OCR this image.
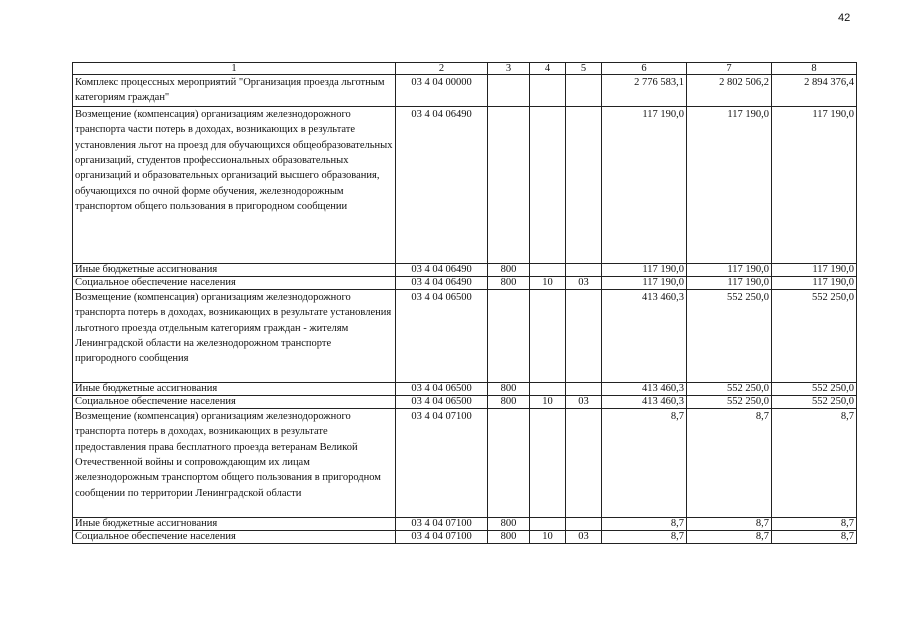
42
1	2	3	4	5	6	7	8
Комплекс процессных мероприятий "Организация проезда льготным категориям граждан"	03 4 04 00000				2 776 583,1	2 802 506,2	2 894 376,4
Возмещение (компенсация) организациям железнодорожного транспорта части потерь в доходах, возникающих в результате установления льгот на проезд для обучающихся общеобразовательных организаций, студентов профессиональных образовательных организаций и образовательных организаций высшего образования, обучающихся по очной форме обучения, железнодорожным транспортом общего пользования в пригородном сообщении	03 4 04 06490				117 190,0	117 190,0	117 190,0
Иные бюджетные ассигнования	03 4 04 06490	800			117 190,0	117 190,0	117 190,0
Социальное обеспечение населения	03 4 04 06490	800	10	03	117 190,0	117 190,0	117 190,0
Возмещение (компенсация) организациям железнодорожного транспорта потерь в доходах, возникающих в результате установления льготного проезда отдельным категориям граждан - жителям Ленинградской области на железнодорожном транспорте пригородного сообщения	03 4 04 06500				413 460,3	552 250,0	552 250,0
Иные бюджетные ассигнования	03 4 04 06500	800			413 460,3	552 250,0	552 250,0
Социальное обеспечение населения	03 4 04 06500	800	10	03	413 460,3	552 250,0	552 250,0
Возмещение (компенсация) организациям железнодорожного транспорта потерь в доходах, возникающих в результате предоставления права бесплатного проезда ветеранам Великой Отечественной войны и сопровождающим их лицам железнодорожным транспортом общего пользования в пригородном сообщении по территории Ленинградской области	03 4 04 07100				8,7	8,7	8,7
Иные бюджетные ассигнования	03 4 04 07100	800			8,7	8,7	8,7
Социальное обеспечение населения	03 4 04 07100	800	10	03	8,7	8,7	8,7
